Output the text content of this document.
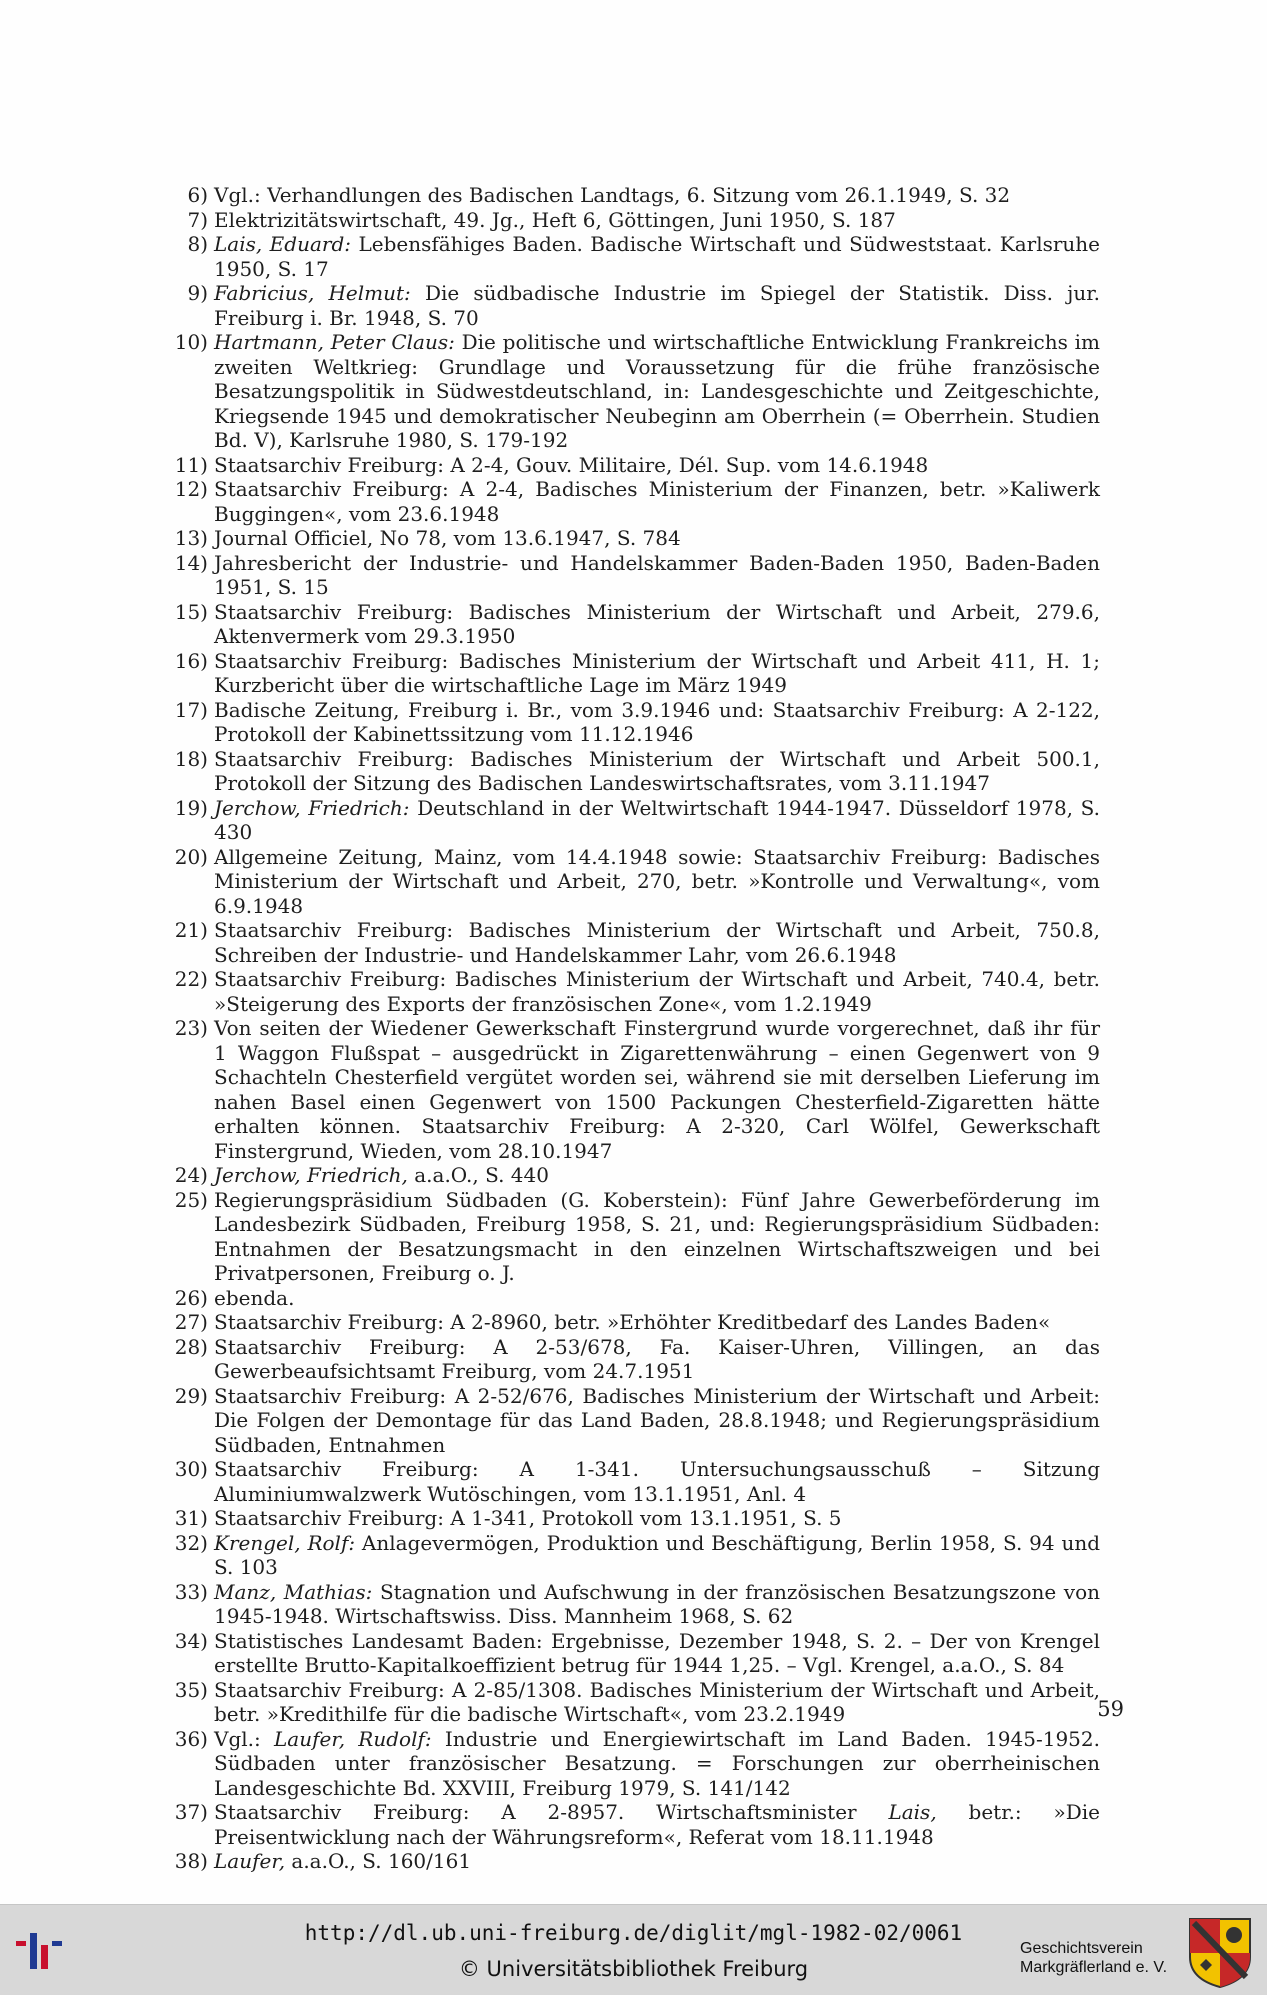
6) Vgl.: Verhandlungen des Badischen Landtags, 6. Sitzung vom 26.1.1949, S. 32
7) Elektrizitätswirtschaft, 49. Jg., Heft 6, Göttingen, Juni 1950, S. 187
8) Lais, Eduard: Lebensfähiges Baden. Badische Wirtschaft und Südweststaat. Karlsruhe 1950, S. 17
9) Fabricius, Helmut: Die südbadische Industrie im Spiegel der Statistik. Diss. jur. Freiburg i. Br. 1948, S. 70
10) Hartmann, Peter Claus: Die politische und wirtschaftliche Entwicklung Frankreichs im zweiten Weltkrieg: Grundlage und Voraussetzung für die frühe französische Besatzungspolitik in Südwestdeutschland, in: Landesgeschichte und Zeitgeschichte, Kriegsende 1945 und demokratischer Neubeginn am Oberrhein (= Oberrhein. Studien Bd. V), Karlsruhe 1980, S. 179-192
11) Staatsarchiv Freiburg: A 2-4, Gouv. Militaire, Dél. Sup. vom 14.6.1948
12) Staatsarchiv Freiburg: A 2-4, Badisches Ministerium der Finanzen, betr. »Kaliwerk Buggingen«, vom 23.6.1948
13) Journal Officiel, No 78, vom 13.6.1947, S. 784
14) Jahresbericht der Industrie- und Handelskammer Baden-Baden 1950, Baden-Baden 1951, S. 15
15) Staatsarchiv Freiburg: Badisches Ministerium der Wirtschaft und Arbeit, 279.6, Aktenvermerk vom 29.3.1950
16) Staatsarchiv Freiburg: Badisches Ministerium der Wirtschaft und Arbeit 411, H. 1; Kurzbericht über die wirtschaftliche Lage im März 1949
17) Badische Zeitung, Freiburg i. Br., vom 3.9.1946 und: Staatsarchiv Freiburg: A 2-122, Protokoll der Kabinettssitzung vom 11.12.1946
18) Staatsarchiv Freiburg: Badisches Ministerium der Wirtschaft und Arbeit 500.1, Protokoll der Sitzung des Badischen Landeswirtschaftsrates, vom 3.11.1947
19) Jerchow, Friedrich: Deutschland in der Weltwirtschaft 1944-1947. Düsseldorf 1978, S. 430
20) Allgemeine Zeitung, Mainz, vom 14.4.1948 sowie: Staatsarchiv Freiburg: Badisches Ministerium der Wirtschaft und Arbeit, 270, betr. »Kontrolle und Verwaltung«, vom 6.9.1948
21) Staatsarchiv Freiburg: Badisches Ministerium der Wirtschaft und Arbeit, 750.8, Schreiben der Industrie- und Handelskammer Lahr, vom 26.6.1948
22) Staatsarchiv Freiburg: Badisches Ministerium der Wirtschaft und Arbeit, 740.4, betr. »Steigerung des Exports der französischen Zone«, vom 1.2.1949
23) Von seiten der Wiedener Gewerkschaft Finstergrund wurde vorgerechnet, daß ihr für 1 Waggon Flußspat – ausgedrückt in Zigarettenwährung – einen Gegenwert von 9 Schachteln Chesterfield vergütet worden sei, während sie mit derselben Lieferung im nahen Basel einen Gegenwert von 1500 Packungen Chesterfield-Zigaretten hätte erhalten können. Staatsarchiv Freiburg: A 2-320, Carl Wölfel, Gewerkschaft Finstergrund, Wieden, vom 28.10.1947
24) Jerchow, Friedrich, a.a.O., S. 440
25) Regierungspräsidium Südbaden (G. Koberstein): Fünf Jahre Gewerbeförderung im Landesbezirk Südbaden, Freiburg 1958, S. 21, und: Regierungspräsidium Südbaden: Entnahmen der Besatzungsmacht in den einzelnen Wirtschaftszweigen und bei Privatpersonen, Freiburg o. J.
26) ebenda.
27) Staatsarchiv Freiburg: A 2-8960, betr. »Erhöhter Kreditbedarf des Landes Baden«
28) Staatsarchiv Freiburg: A 2-53/678, Fa. Kaiser-Uhren, Villingen, an das Gewerbeaufsichtsamt Freiburg, vom 24.7.1951
29) Staatsarchiv Freiburg: A 2-52/676, Badisches Ministerium der Wirtschaft und Arbeit: Die Folgen der Demontage für das Land Baden, 28.8.1948; und Regierungspräsidium Südbaden, Entnahmen
30) Staatsarchiv Freiburg: A 1-341. Untersuchungsausschuß – Sitzung Aluminiumwalzwerk Wutöschingen, vom 13.1.1951, Anl. 4
31) Staatsarchiv Freiburg: A 1-341, Protokoll vom 13.1.1951, S. 5
32) Krengel, Rolf: Anlagevermögen, Produktion und Beschäftigung, Berlin 1958, S. 94 und S. 103
33) Manz, Mathias: Stagnation und Aufschwung in der französischen Besatzungszone von 1945-1948. Wirtschaftswiss. Diss. Mannheim 1968, S. 62
34) Statistisches Landesamt Baden: Ergebnisse, Dezember 1948, S. 2. – Der von Krengel erstellte Brutto-Kapitalkoeffizient betrug für 1944 1,25. – Vgl. Krengel, a.a.O., S. 84
35) Staatsarchiv Freiburg: A 2-85/1308. Badisches Ministerium der Wirtschaft und Arbeit, betr. »Kredithilfe für die badische Wirtschaft«, vom 23.2.1949
36) Vgl.: Laufer, Rudolf: Industrie und Energiewirtschaft im Land Baden. 1945-1952. Südbaden unter französischer Besatzung. = Forschungen zur oberrheinischen Landesgeschichte Bd. XXVIII, Freiburg 1979, S. 141/142
37) Staatsarchiv Freiburg: A 2-8957. Wirtschaftsminister Lais, betr.: »Die Preisentwicklung nach der Währungsreform«, Referat vom 18.11.1948
38) Laufer, a.a.O., S. 160/161
59
http://dl.ub.uni-freiburg.de/diglit/mgl-1982-02/0061
© Universitätsbibliothek Freiburg
Geschichtsverein
Markgräflerland e. V.
